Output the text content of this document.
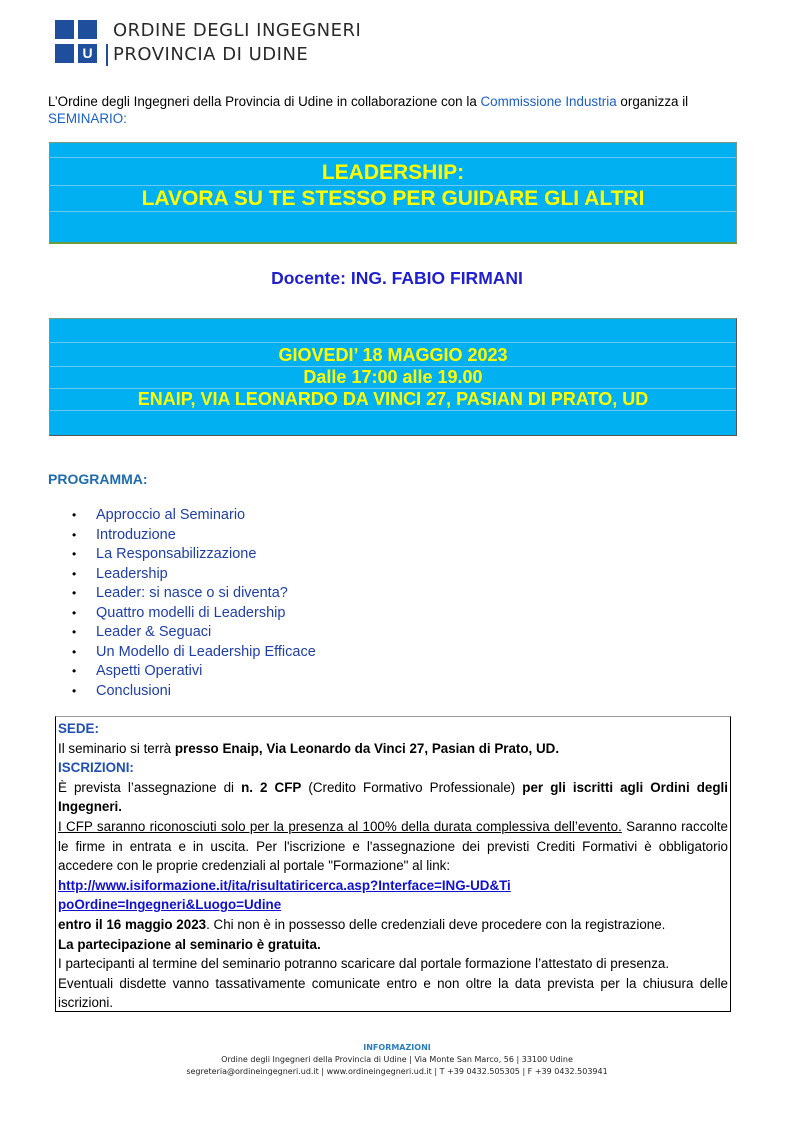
U
ORDINE DEGLI INGEGNERI
PROVINCIA DI UDINE
L’Ordine degli Ingegneri della Provincia di Udine in collaborazione con la Commissione Industria organizza il SEMINARIO:
LEADERSHIP:
LAVORA SU TE STESSO PER GUIDARE GLI ALTRI
Docente: ING. FABIO FIRMANI
GIOVEDI’ 18 MAGGIO 2023
Dalle 17:00 alle 19.00
ENAIP, VIA LEONARDO DA VINCI 27, PASIAN DI PRATO, UD
PROGRAMMA:
• Approccio al Seminario
• Introduzione
• La Responsabilizzazione
• Leadership
• Leader: si nasce o si diventa?
• Quattro modelli di Leadership
• Leader & Seguaci
• Un Modello di Leadership Efficace
• Aspetti Operativi
• Conclusioni
SEDE:
Il seminario si terrà presso Enaip, Via Leonardo da Vinci 27, Pasian di Prato, UD.
ISCRIZIONI:
È prevista l’assegnazione di n. 2 CFP (Credito Formativo Professionale) per gli iscritti agli Ordini degli Ingegneri.
I CFP saranno riconosciuti solo per la presenza al 100% della durata complessiva dell’evento. Saranno raccolte le firme in entrata e in uscita. Per l'iscrizione e l'assegnazione dei previsti Crediti Formativi è obbligatorio accedere con le proprie credenziali al portale "Formazione" al link:
http://www.isiformazione.it/ita/risultatiricerca.asp?Interface=ING-UD&TipoOrdine=Ingegneri&Luogo=Udine
entro il 16 maggio 2023. Chi non è in possesso delle credenziali deve procedere con la registrazione.
La partecipazione al seminario è gratuita.
I partecipanti al termine del seminario potranno scaricare dal portale formazione l’attestato di presenza.
Eventuali disdette vanno tassativamente comunicate entro e non oltre la data prevista per la chiusura delle iscrizioni.
INFORMAZIONI
Ordine degli Ingegneri della Provincia di Udine | Via Monte San Marco, 56 | 33100 Udine
segreteria@ordineingegneri.ud.it | www.ordineingegneri.ud.it | T +39 0432.505305 | F +39 0432.503941
